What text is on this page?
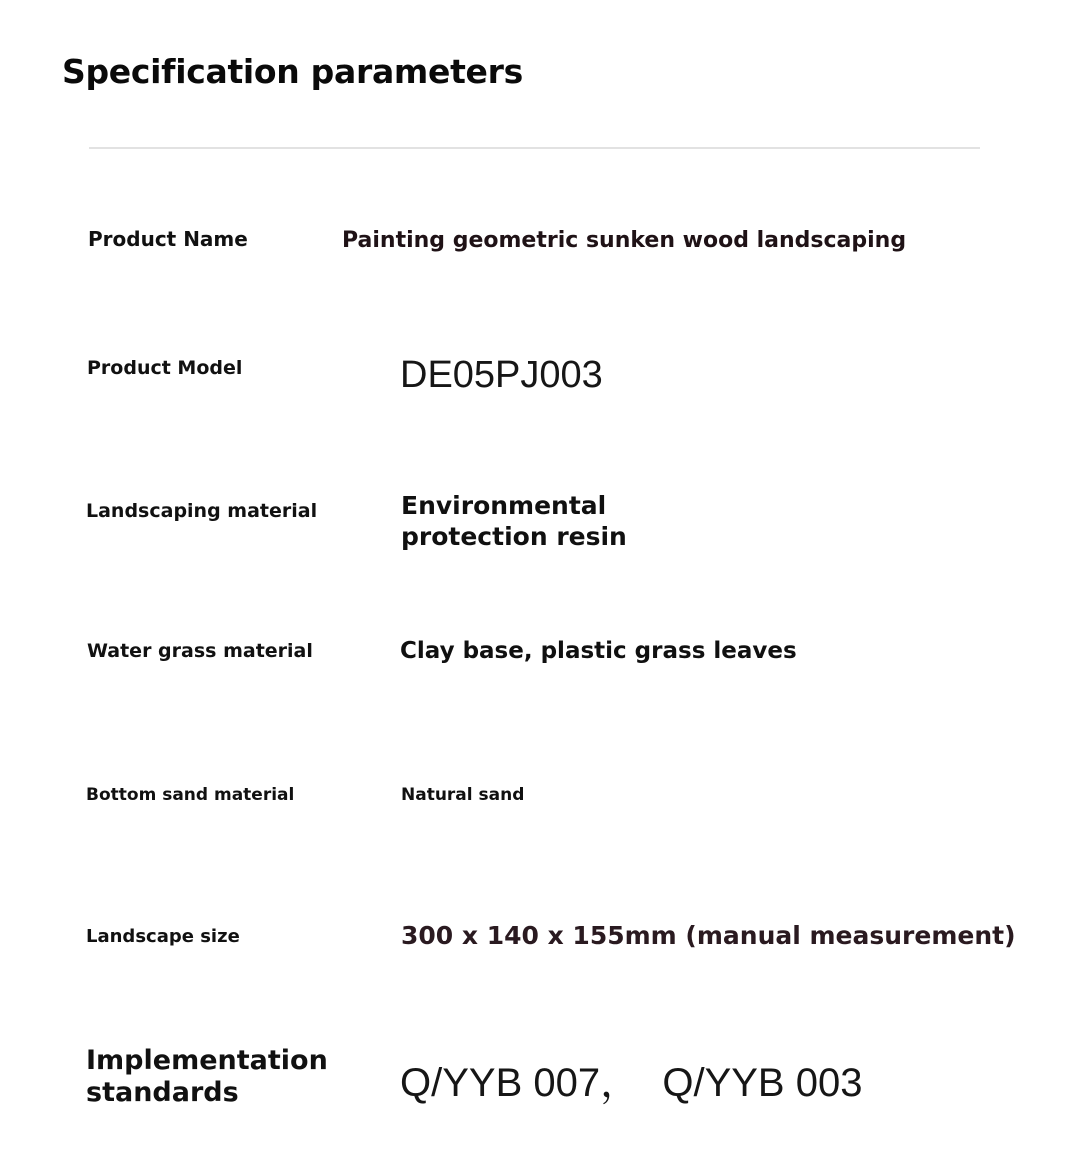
Specification parameters
Product Name	Painting geometric sunken wood landscaping
Product Model	DE05PJ003
Landscaping material	Environmental
protection resin
Water grass material	Clay base, plastic grass leaves
Bottom sand material	Natural sand
Landscape size	300 x 140 x 155mm (manual measurement)
Implementation
standards	Q/YYB 007，  Q/YYB 003
